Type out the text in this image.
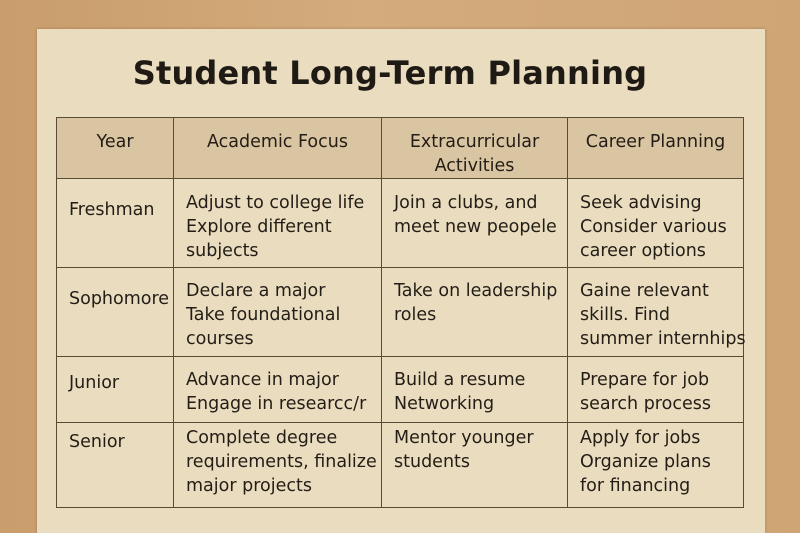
Student Long-Term Planning
Year	Academic Focus	Extracurricular
Activities	Career Planning

Freshman	Adjust to college life
Explore different
subjects	Join a clubs, and
meet new peopele	Seek advising
Consider various
career options

Sophomore	Declare a major
Take foundational
courses	Take on leadership
roles	Gaine relevant
skills. Find
summer internhips

Junior	Advance in major
Engage in researcc/r	Build a resume
Networking	Prepare for job
search process

Senior	Complete degree
requirements, finalize
major projects	Mentor younger
students	Apply for jobs
Organize plans
for financing
